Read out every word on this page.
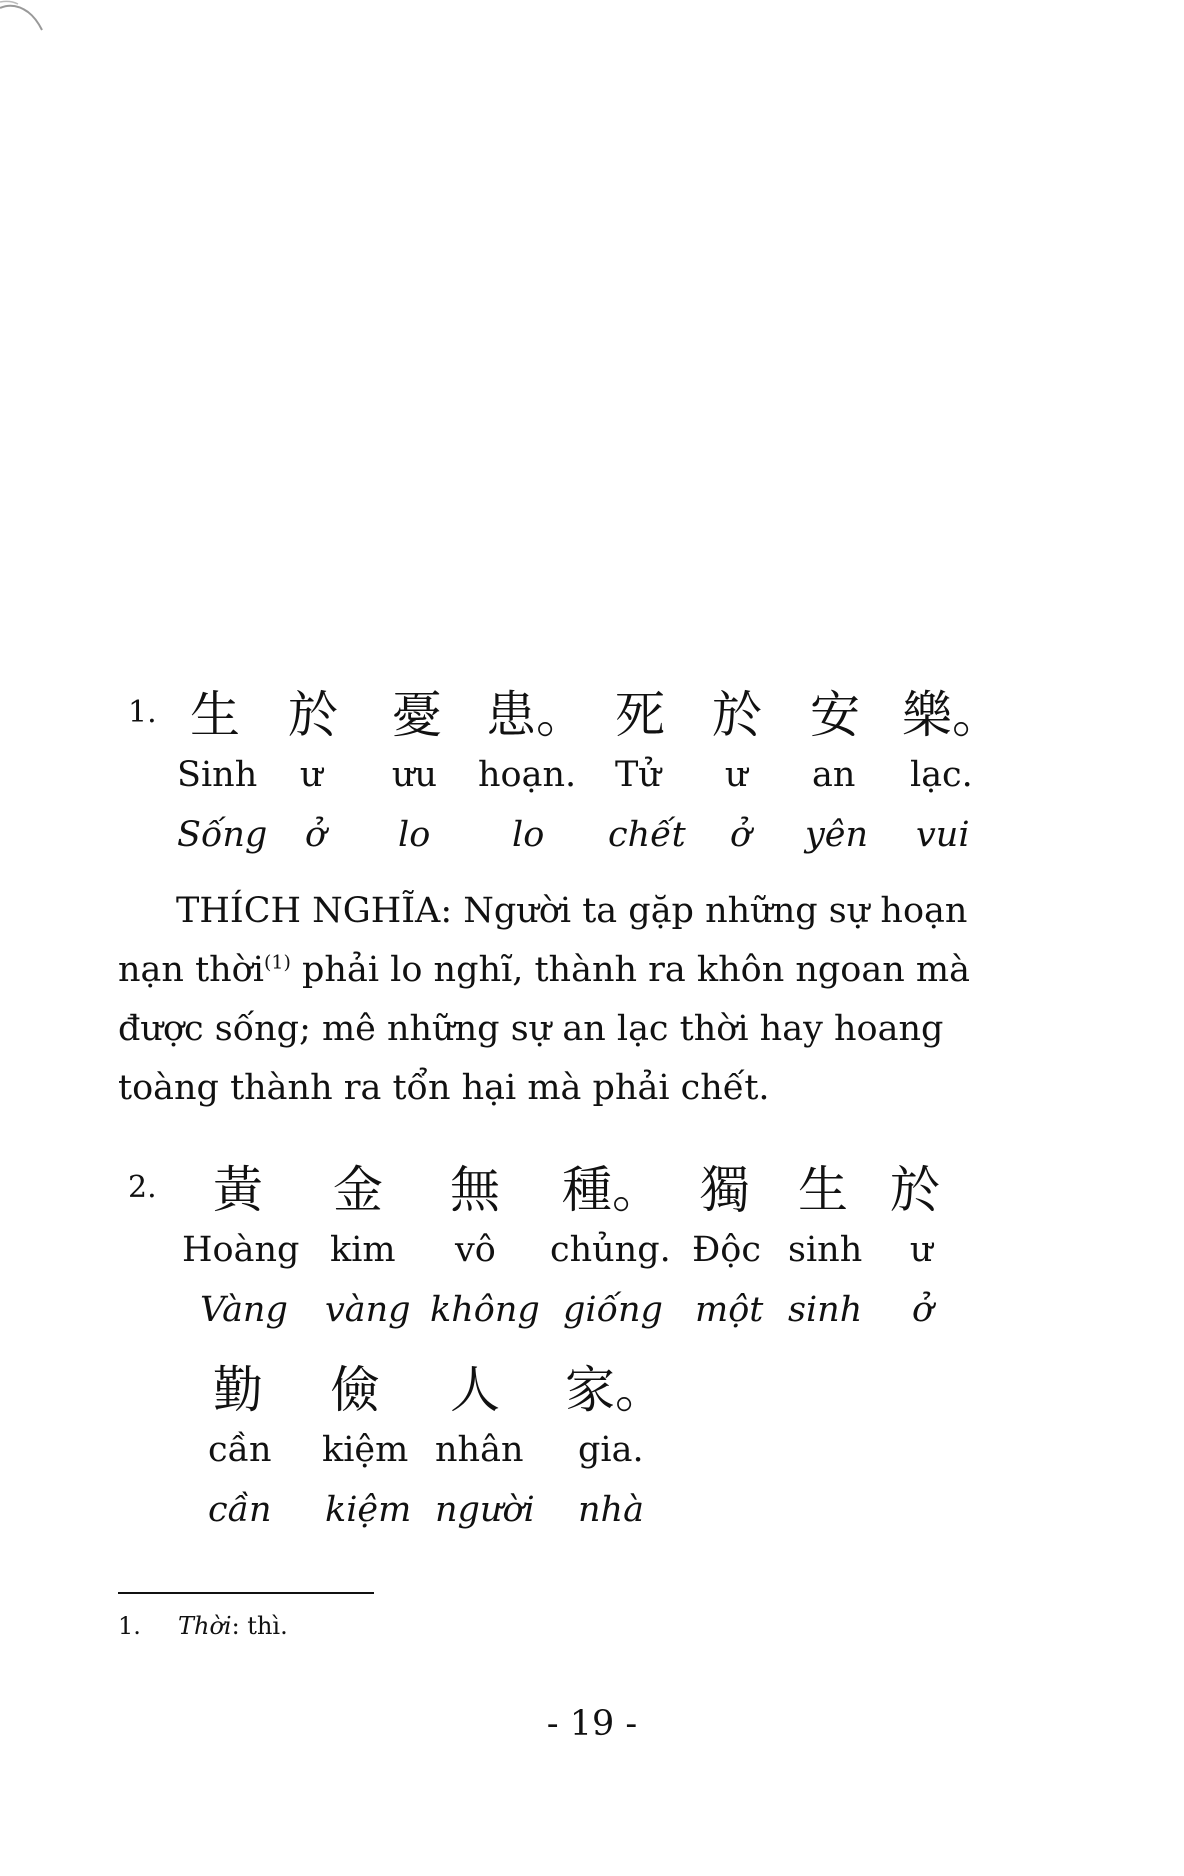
1. 生 於 憂 患。 死 於 安 樂。
Sinh ư ưu hoạn. Tử ư an lạc.
Sống ở lo lo chết ở yên vui

THÍCH NGHĨA: Người ta gặp những sự hoạn nạn thời$^{(1)}$ phải lo nghĩ, thành ra khôn ngoan mà được sống; mê những sự an lạc thời hay hoang toàng thành ra tổn hại mà phải chết.

2. 黃 金 無 種。 獨 生 於
Hoàng kim vô chủng. Độc sinh ư
Vàng vàng không giống một sinh ở
勤 儉 人 家。
cần kiệm nhân gia.
cần kiệm người nhà
1. Thời: thì.
- 19 -
